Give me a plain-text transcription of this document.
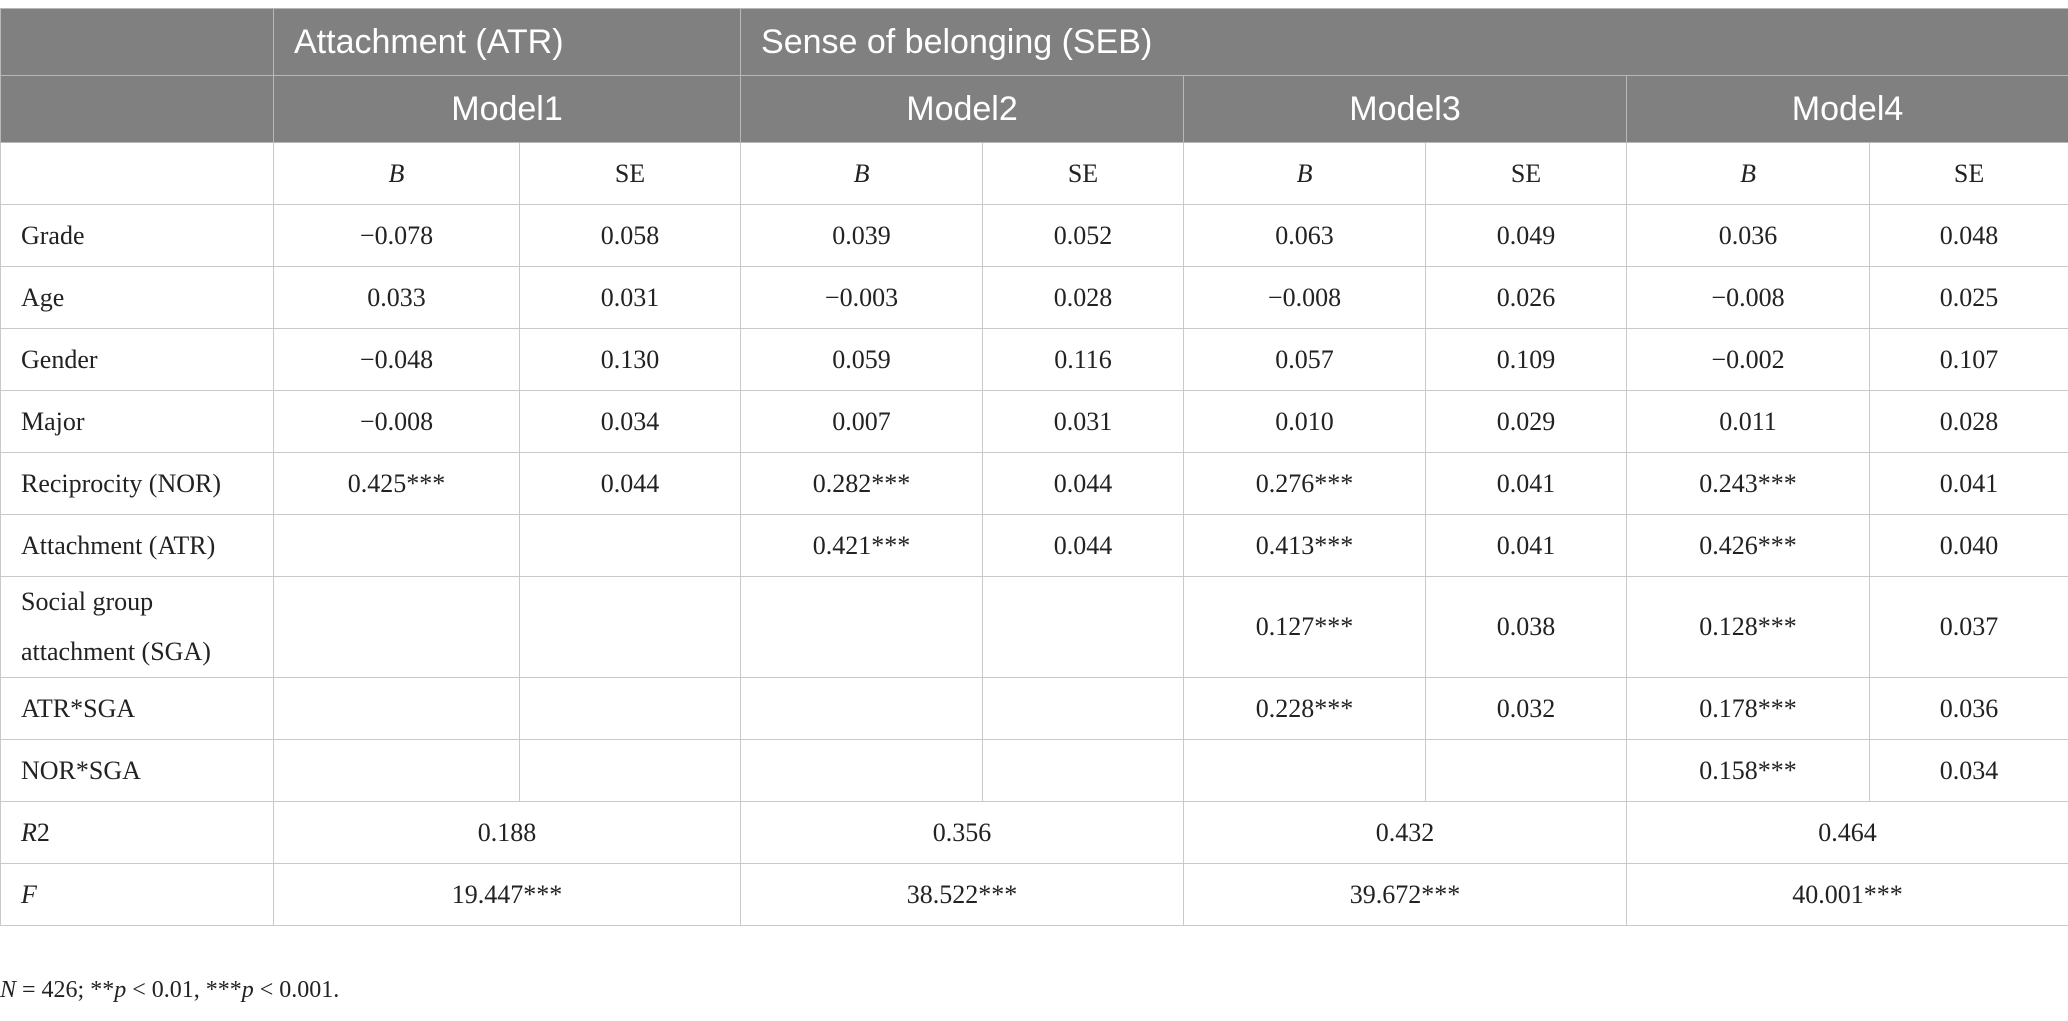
	Attachment (ATR)		Sense of belonging (SEB)					
	Model1		Model2		Model3		Model4	
	B	SE	B	SE	B	SE	B	SE
Grade	−0.078	0.058	0.039	0.052	0.063	0.049	0.036	0.048
Age	0.033	0.031	−0.003	0.028	−0.008	0.026	−0.008	0.025
Gender	−0.048	0.130	0.059	0.116	0.057	0.109	−0.002	0.107
Major	−0.008	0.034	0.007	0.031	0.010	0.029	0.011	0.028
Reciprocity (NOR)	0.425***	0.044	0.282***	0.044	0.276***	0.041	0.243***	0.041
Attachment (ATR)			0.421***	0.044	0.413***	0.041	0.426***	0.040
Social group
attachment (SGA)					0.127***	0.038	0.128***	0.037
ATR*SGA					0.228***	0.032	0.178***	0.036
NOR*SGA							0.158***	0.034
R2	0.188		0.356		0.432		0.464	
F	19.447***		38.522***		39.672***		40.001***	
N = 426; **p < 0.01, ***p < 0.001.
